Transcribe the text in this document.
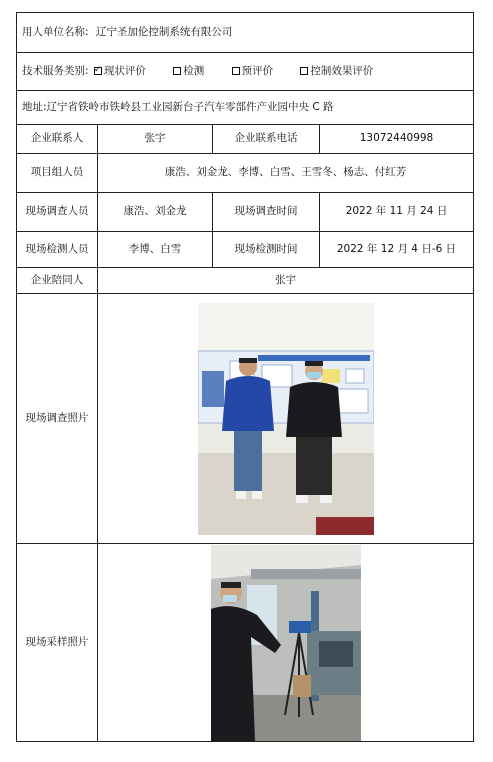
用人单位名称: 辽宁圣加伦控制系统有限公司			
技术服务类别: ✓ 现状评价 检测 预评价 控制效果评价
地址:辽宁省铁岭市铁岭县工业园新台子汽车零部件产业园中央 C 路			
企业联系人	张宇	企业联系电话	13072440998
项目组人员	康浩、刘金龙、李博、白雪、王雪冬、杨志、付红芳		
现场调查人员	康浩、刘金龙	现场调查时间	2022 年 11 月 24 日
现场检测人员	李博、白雪	现场检测时间	2022 年 12 月 4 日-6 日
企业陪同人	张宇		
现场调查照片	

现场采样照片	
